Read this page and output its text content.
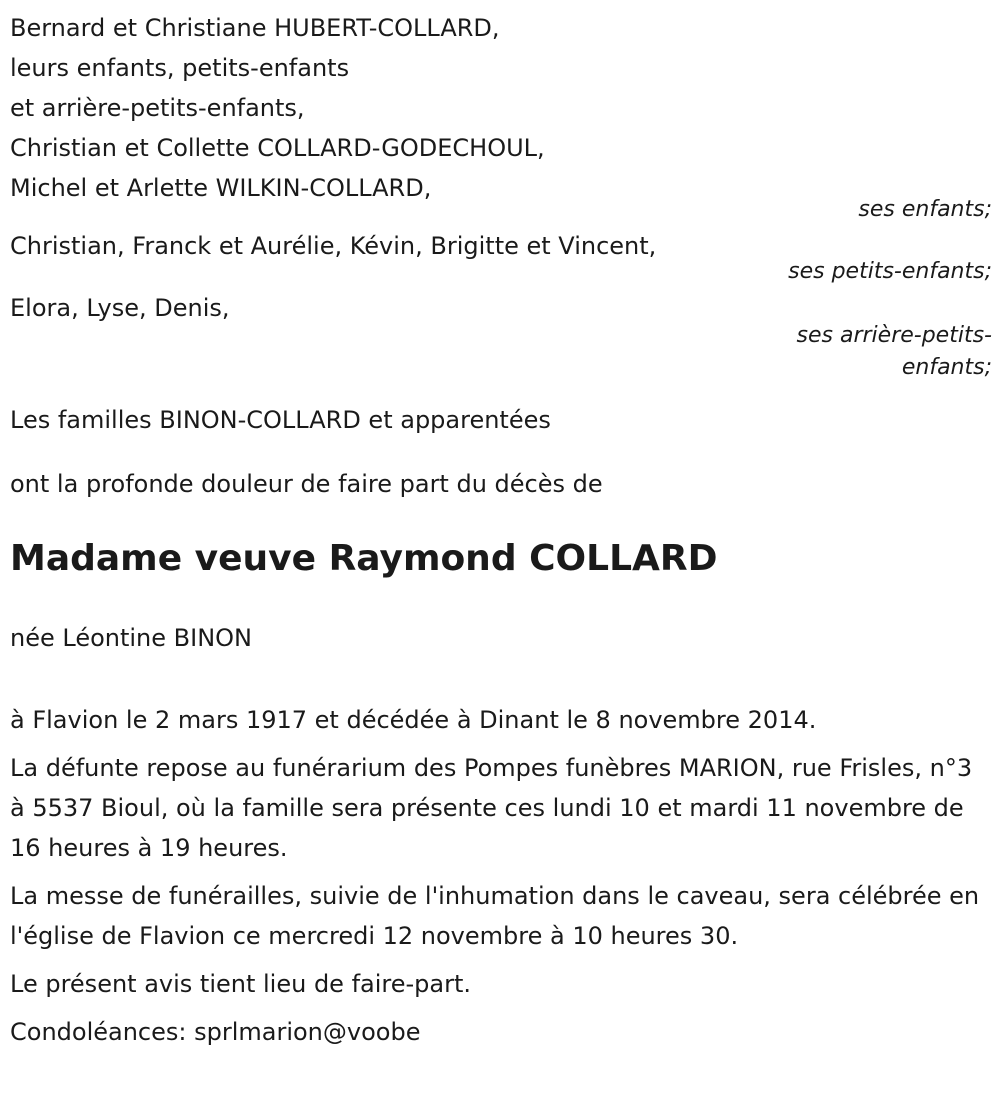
Bernard et Christiane HUBERT-COLLARD,
leurs enfants, petits-enfants
et arrière-petits-enfants,
Christian et Collette COLLARD-GODECHOUL,
Michel et Arlette WILKIN-COLLARD,
ses enfants;
Christian, Franck et Aurélie, Kévin, Brigitte et Vincent,
ses petits-enfants;
Elora, Lyse, Denis,
ses arrière-petits-
enfants;
Les familles BINON-COLLARD et apparentées
ont la profonde douleur de faire part du décès de
Madame veuve Raymond COLLARD
née Léontine BINON
à Flavion le 2 mars 1917 et décédée à Dinant le 8 novembre 2014.
La défunte repose au funérarium des Pompes funèbres MARION, rue Frisles, n°3 à 5537 Bioul, où la famille sera présente ces lundi 10 et mardi 11 novembre de 16 heures à 19 heures.
La messe de funérailles, suivie de l'inhumation dans le caveau, sera célébrée en l'église de Flavion ce mercredi 12 novembre à 10 heures 30.
Le présent avis tient lieu de faire-part.
Condoléances: sprlmarion@voobe
